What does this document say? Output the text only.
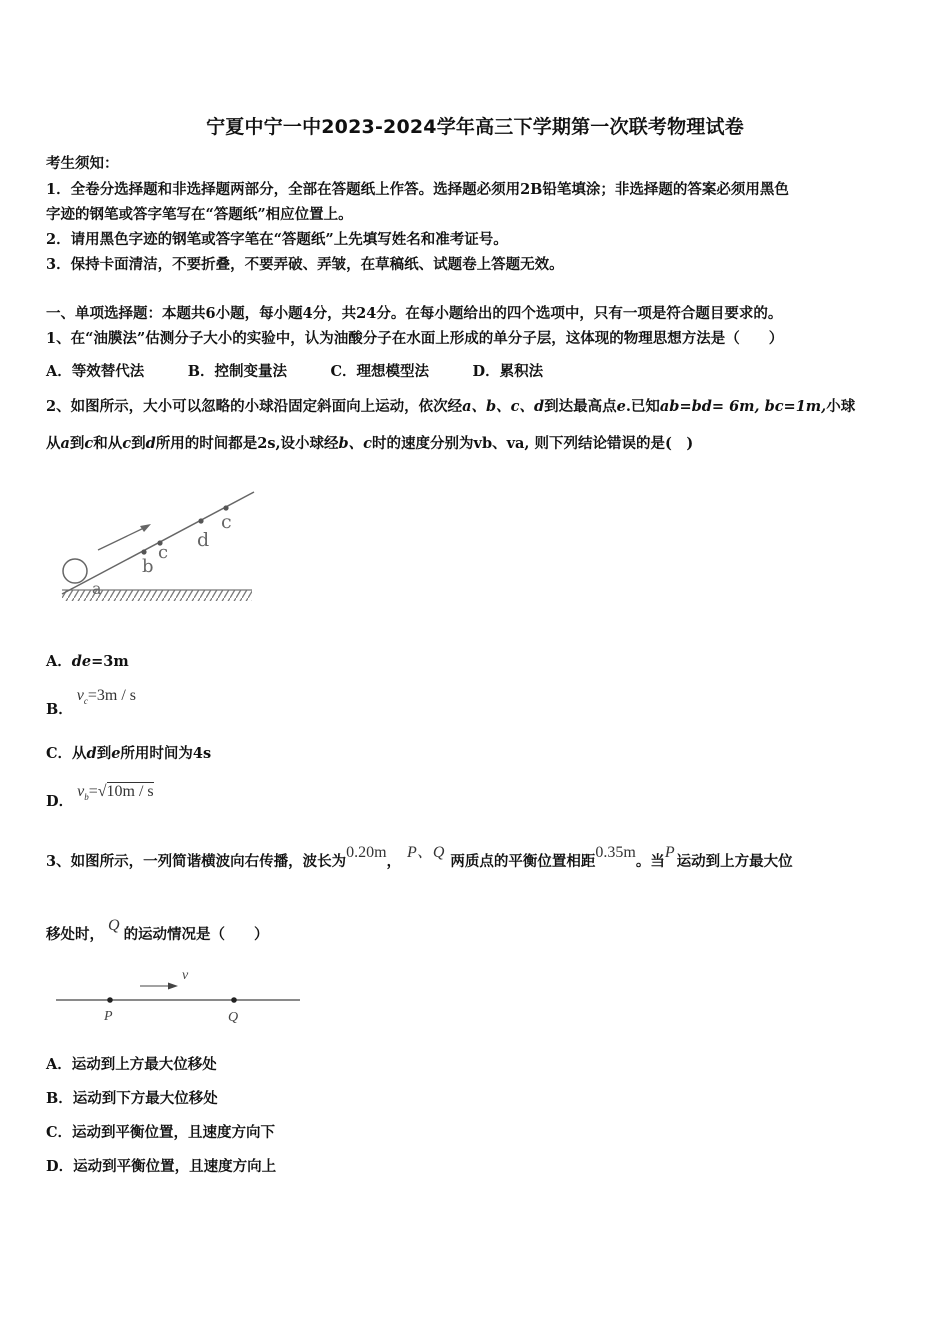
宁夏中宁一中2023-2024学年高三下学期第一次联考物理试卷
考生须知：
1．全卷分选择题和非选择题两部分，全部在答题纸上作答。选择题必须用2B铅笔填涂；非选择题的答案必须用黑色
字迹的钢笔或答字笔写在“答题纸”相应位置上。
2．请用黑色字迹的钢笔或答字笔在“答题纸”上先填写姓名和准考证号。
3．保持卡面清洁，不要折叠，不要弄破、弄皱，在草稿纸、试题卷上答题无效。
一、单项选择题：本题共6小题，每小题4分，共24分。在每小题给出的四个选项中，只有一项是符合题目要求的。
1、在“油膜法”估测分子大小的实验中，认为油酸分子在水面上形成的单分子层，这体现的物理思想方法是（　　）
A．等效替代法　　　B．控制变量法　　　C．理想模型法　　　D．累积法
2、如图所示，大小可以忽略的小球沿固定斜面向上运动，依次经a、b、c、d到达最高点e.已知ab=bd= 6m, bc=1m,小球
从a到c和从c到d所用的时间都是2s,设小球经b、c时的速度分别为vb、va, 则下列结论错误的是(　)
a
b
c
d
c
A．de=3m
B．$v_c=3m / s$
C．从d到e所用时间为4s
D．$v_b=√10m / s$
3、如图所示，一列简谐横波向右传播，波长为0.20m，P、Q两质点的平衡位置相距0.35m。当P运动到上方最大位
移处时，Q的运动情况是（　　）
v
P	Q
A．运动到上方最大位移处
B．运动到下方最大位移处
C．运动到平衡位置，且速度方向下
D．运动到平衡位置，且速度方向上
